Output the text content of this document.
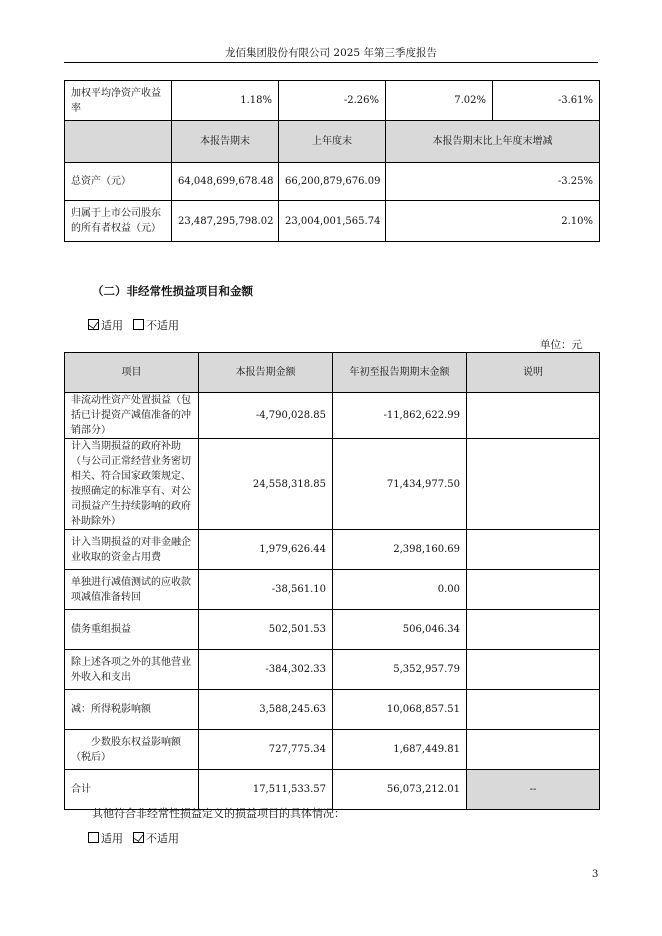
龙佰集团股份有限公司 2025 年第三季度报告
加权平均净资产收益率	1.18%	-2.26%	7.02%	-3.61%
	本报告期末	上年度末	本报告期末比上年度末增减	
总资产（元）	64,048,699,678.48	66,200,879,676.09	-3.25%	
归属于上市公司股东的所有者权益（元）	23,487,295,798.02	23,004,001,565.74	2.10%	
（二）非经常性损益项目和金额
适用 不适用
单位：元
项目	本报告期金额	年初至报告期期末金额	说明
非流动性资产处置损益（包括已计提资产减值准备的冲销部分）	-4,790,028.85	-11,862,622.99	
计入当期损益的政府补助（与公司正常经营业务密切相关、符合国家政策规定、按照确定的标准享有、对公司损益产生持续影响的政府补助除外）	24,558,318.85	71,434,977.50	
计入当期损益的对非金融企业收取的资金占用费	1,979,626.44	2,398,160.69	
单独进行减值测试的应收款项减值准备转回	-38,561.10	0.00	
债务重组损益	502,501.53	506,046.34	
除上述各项之外的其他营业外收入和支出	-384,302.33	5,352,957.79	
减：所得税影响额	3,588,245.63	10,068,857.51	
少数股东权益影响额（税后）	727,775.34	1,687,449.81	
合计	17,511,533.57	56,073,212.01	--
其他符合非经常性损益定义的损益项目的具体情况：
适用 不适用
3
